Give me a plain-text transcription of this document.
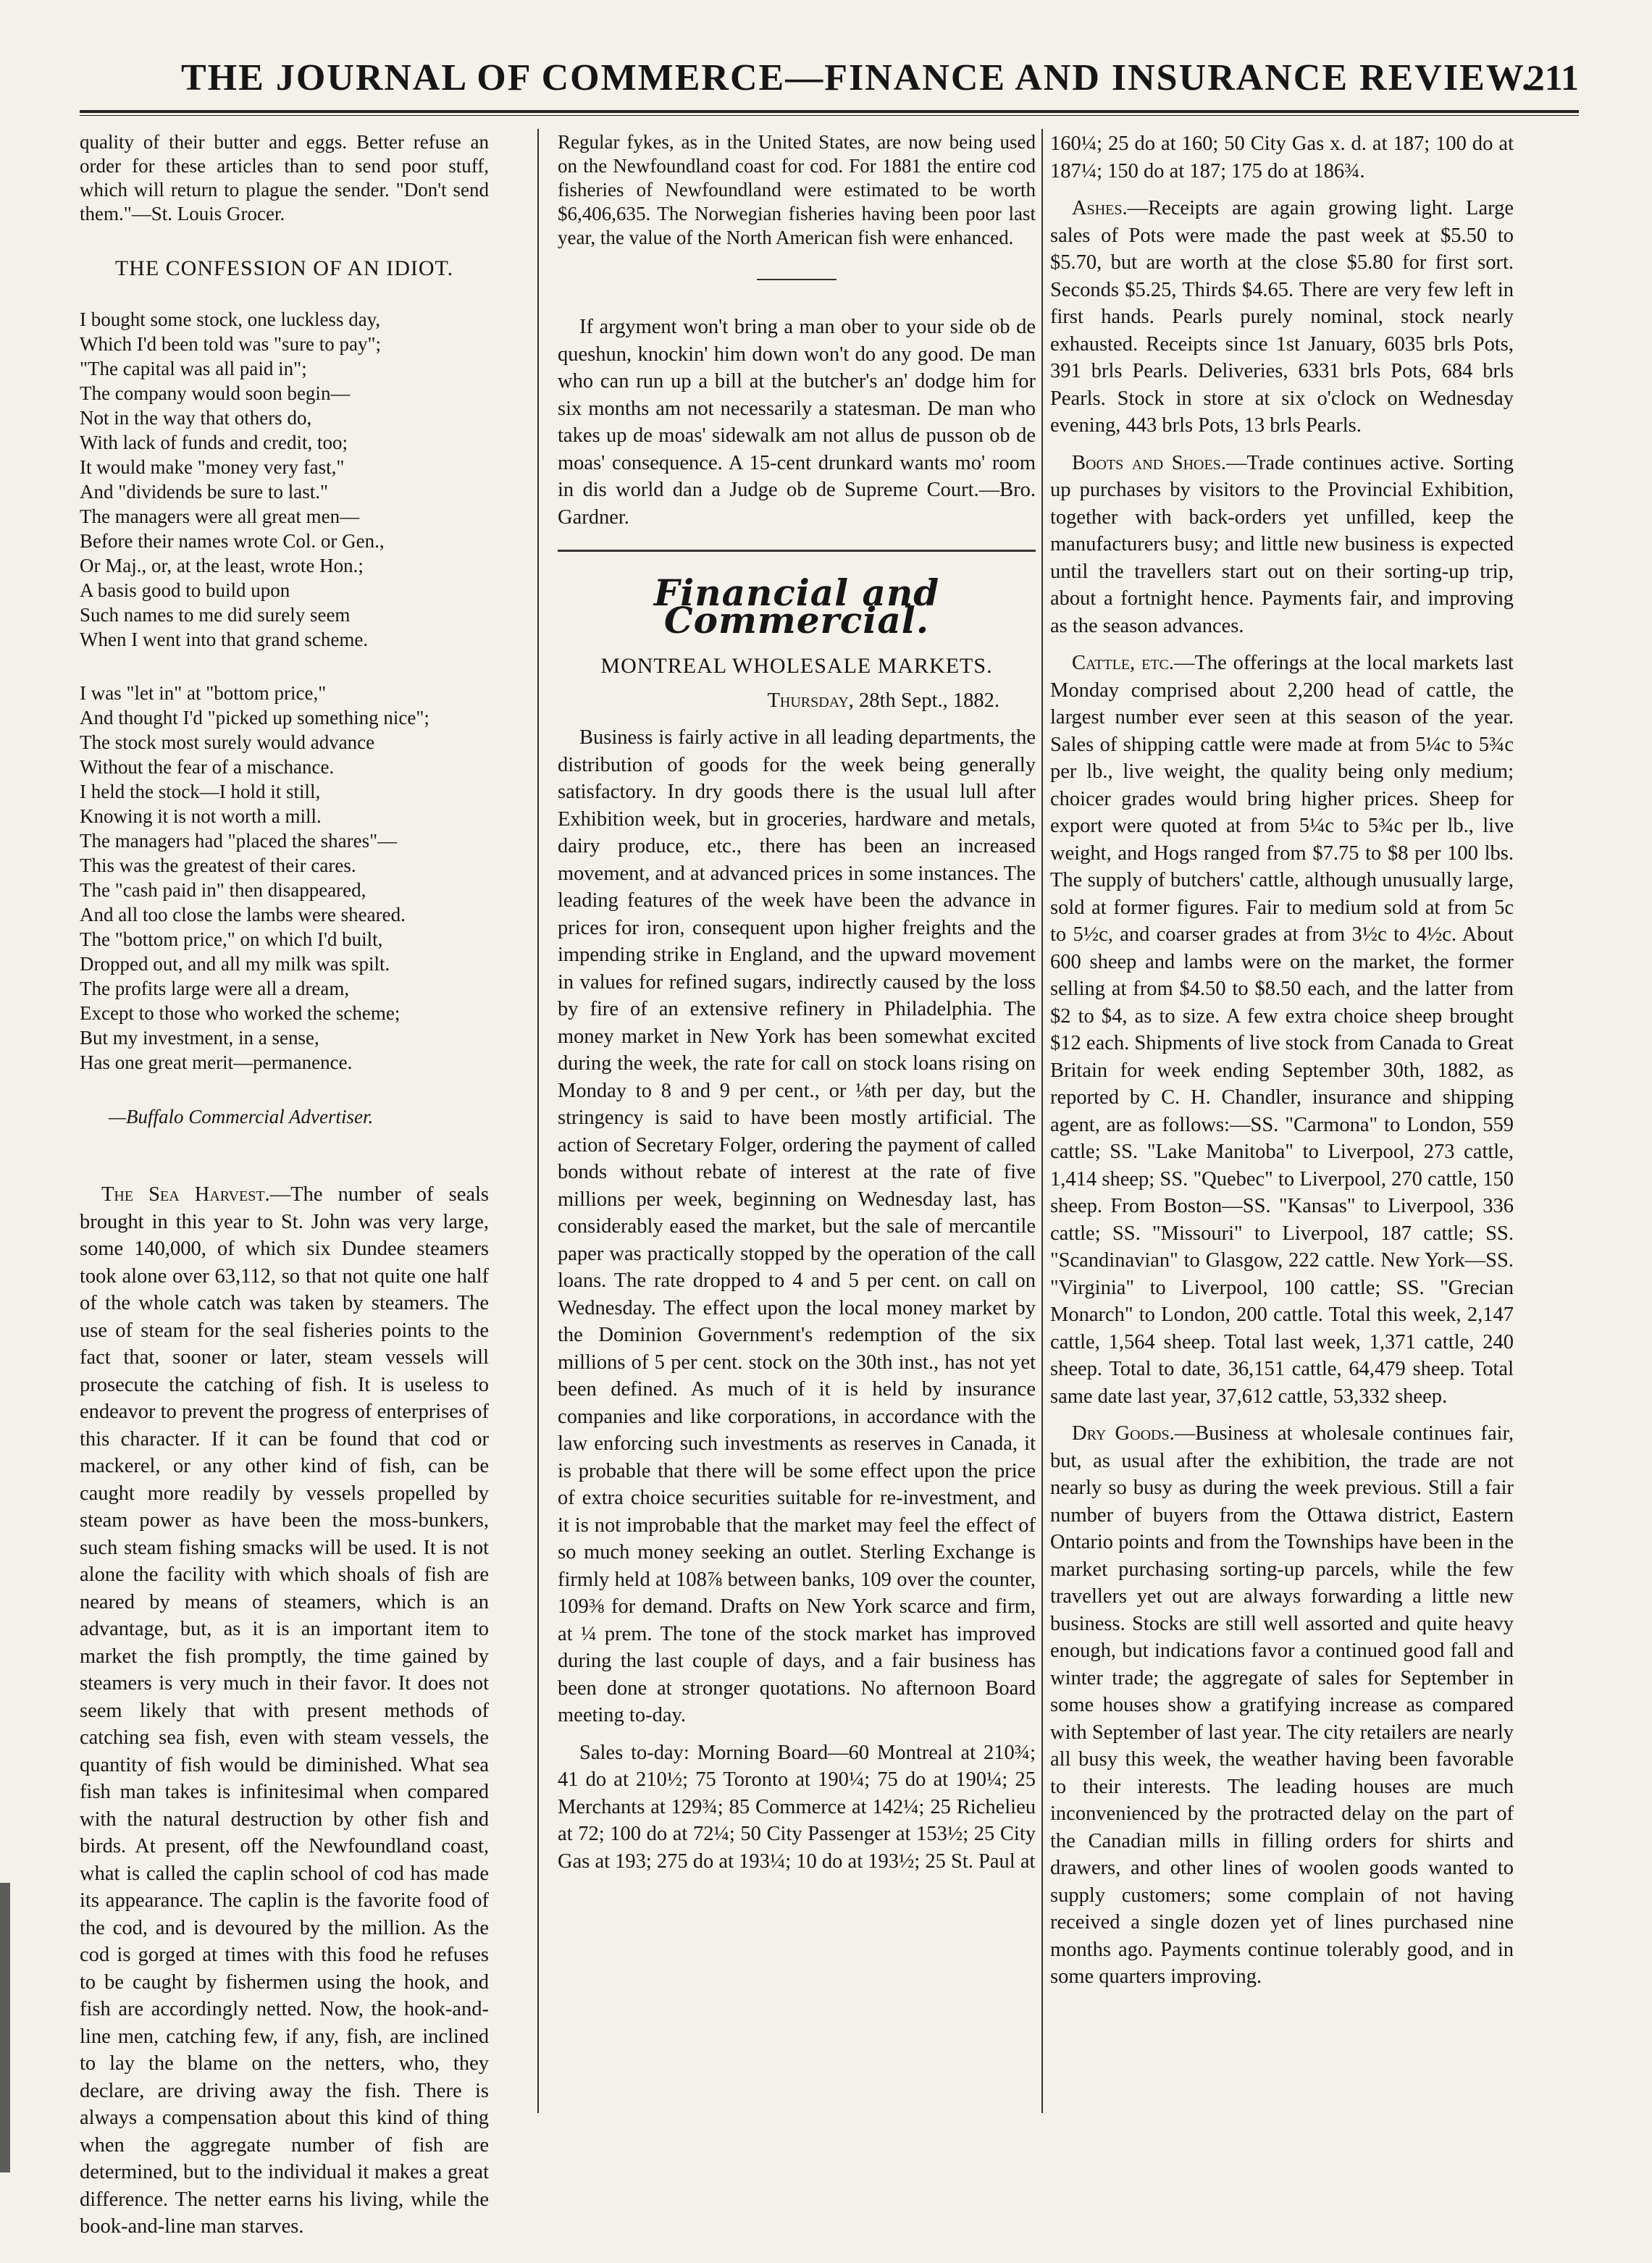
THE JOURNAL OF COMMERCE—FINANCE AND INSURANCE REVIEW.
211

quality of their butter and eggs. Better refuse an order for these articles than to send poor stuff, which will return to plague the sender. "Don't send them."—St. Louis Grocer.

THE CONFESSION OF AN IDIOT.
I bought some stock, one luckless day,
Which I'd been told was "sure to pay";
"The capital was all paid in";
The company would soon begin—
Not in the way that others do,
With lack of funds and credit, too;
It would make "money very fast,"
And "dividends be sure to last."
The managers were all great men—
Before their names wrote Col. or Gen.,
Or Maj., or, at the least, wrote Hon.;
A basis good to build upon
Such names to me did surely seem
When I went into that grand scheme.
I was "let in" at "bottom price,"
And thought I'd "picked up something nice";
The stock most surely would advance
Without the fear of a mischance.
I held the stock—I hold it still,
Knowing it is not worth a mill.
The managers had "placed the shares"—
This was the greatest of their cares.
The "cash paid in" then disappeared,
And all too close the lambs were sheared.
The "bottom price," on which I'd built,
Dropped out, and all my milk was spilt.
The profits large were all a dream,
Except to those who worked the scheme;
But my investment, in a sense,
Has one great merit—permanence.
—Buffalo Commercial Advertiser.

The Sea Harvest.—The number of seals brought in this year to St. John was very large, some 140,000, of which six Dundee steamers took alone over 63,112, so that not quite one half of the whole catch was taken by steamers. The use of steam for the seal fisheries points to the fact that, sooner or later, steam vessels will prosecute the catching of fish. It is useless to endeavor to prevent the progress of enterprises of this character. If it can be found that cod or mackerel, or any other kind of fish, can be caught more readily by vessels propelled by steam power as have been the moss-bunkers, such steam fishing smacks will be used. It is not alone the facility with which shoals of fish are neared by means of steamers, which is an advantage, but, as it is an important item to market the fish promptly, the time gained by steamers is very much in their favor. It does not seem likely that with present methods of catching sea fish, even with steam vessels, the quantity of fish would be diminished. What sea fish man takes is infinitesimal when compared with the natural destruction by other fish and birds. At present, off the Newfoundland coast, what is called the caplin school of cod has made its appearance. The caplin is the favorite food of the cod, and is devoured by the million. As the cod is gorged at times with this food he refuses to be caught by fishermen using the hook, and fish are accordingly netted. Now, the hook-and-line men, catching few, if any, fish, are inclined to lay the blame on the netters, who, they declare, are driving away the fish. There is always a compensation about this kind of thing when the aggregate number of fish are determined, but to the individual it makes a great difference. The netter earns his living, while the book-and-line man starves.

Regular fykes, as in the United States, are now being used on the Newfoundland coast for cod. For 1881 the entire cod fisheries of Newfoundland were estimated to be worth $6,406,635. The Norwegian fisheries having been poor last year, the value of the North American fish were enhanced.

If argyment won't bring a man ober to your side ob de queshun, knockin' him down won't do any good. De man who can run up a bill at the butcher's an' dodge him for six months am not necessarily a statesman. De man who takes up de moas' sidewalk am not allus de pusson ob de moas' consequence. A 15-cent drunkard wants mo' room in dis world dan a Judge ob de Supreme Court.—Bro. Gardner.

Financial and Commercial.
MONTREAL WHOLESALE MARKETS.
Thursday, 28th Sept., 1882.

Business is fairly active in all leading departments, the distribution of goods for the week being generally satisfactory. In dry goods there is the usual lull after Exhibition week, but in groceries, hardware and metals, dairy produce, etc., there has been an increased movement, and at advanced prices in some instances. The leading features of the week have been the advance in prices for iron, consequent upon higher freights and the impending strike in England, and the upward movement in values for refined sugars, indirectly caused by the loss by fire of an extensive refinery in Philadelphia. The money market in New York has been somewhat excited during the week, the rate for call on stock loans rising on Monday to 8 and 9 per cent., or ⅛th per day, but the stringency is said to have been mostly artificial. The action of Secretary Folger, ordering the payment of called bonds without rebate of interest at the rate of five millions per week, beginning on Wednesday last, has considerably eased the market, but the sale of mercantile paper was practically stopped by the operation of the call loans. The rate dropped to 4 and 5 per cent. on call on Wednesday. The effect upon the local money market by the Dominion Government's redemption of the six millions of 5 per cent. stock on the 30th inst., has not yet been defined. As much of it is held by insurance companies and like corporations, in accordance with the law enforcing such investments as reserves in Canada, it is probable that there will be some effect upon the price of extra choice securities suitable for re-investment, and it is not improbable that the market may feel the effect of so much money seeking an outlet. Sterling Exchange is firmly held at 108⅞ between banks, 109 over the counter, 109⅜ for demand. Drafts on New York scarce and firm, at ¼ prem. The tone of the stock market has improved during the last couple of days, and a fair business has been done at stronger quotations. No afternoon Board meeting to-day.

Sales to-day: Morning Board—60 Montreal at 210¾; 41 do at 210½; 75 Toronto at 190¼; 75 do at 190¼; 25 Merchants at 129¾; 85 Commerce at 142¼; 25 Richelieu at 72; 100 do at 72¼; 50 City Passenger at 153½; 25 City Gas at 193; 275 do at 193¼; 10 do at 193½; 25 St. Paul at

160¼; 25 do at 160; 50 City Gas x. d. at 187; 100 do at 187¼; 150 do at 187; 175 do at 186¾.

Ashes.—Receipts are again growing light. Large sales of Pots were made the past week at $5.50 to $5.70, but are worth at the close $5.80 for first sort. Seconds $5.25, Thirds $4.65. There are very few left in first hands. Pearls purely nominal, stock nearly exhausted. Receipts since 1st January, 6035 brls Pots, 391 brls Pearls. Deliveries, 6331 brls Pots, 684 brls Pearls. Stock in store at six o'clock on Wednesday evening, 443 brls Pots, 13 brls Pearls.

Boots and Shoes.—Trade continues active. Sorting up purchases by visitors to the Provincial Exhibition, together with back-orders yet unfilled, keep the manufacturers busy; and little new business is expected until the travellers start out on their sorting-up trip, about a fortnight hence. Payments fair, and improving as the season advances.

Cattle, etc.—The offerings at the local markets last Monday comprised about 2,200 head of cattle, the largest number ever seen at this season of the year. Sales of shipping cattle were made at from 5¼c to 5¾c per lb., live weight, the quality being only medium; choicer grades would bring higher prices. Sheep for export were quoted at from 5¼c to 5¾c per lb., live weight, and Hogs ranged from $7.75 to $8 per 100 lbs. The supply of butchers' cattle, although unusually large, sold at former figures. Fair to medium sold at from 5c to 5½c, and coarser grades at from 3½c to 4½c. About 600 sheep and lambs were on the market, the former selling at from $4.50 to $8.50 each, and the latter from $2 to $4, as to size. A few extra choice sheep brought $12 each. Shipments of live stock from Canada to Great Britain for week ending September 30th, 1882, as reported by C. H. Chandler, insurance and shipping agent, are as follows:—SS. "Carmona" to London, 559 cattle; SS. "Lake Manitoba" to Liverpool, 273 cattle, 1,414 sheep; SS. "Quebec" to Liverpool, 270 cattle, 150 sheep. From Boston—SS. "Kansas" to Liverpool, 336 cattle; SS. "Missouri" to Liverpool, 187 cattle; SS. "Scandinavian" to Glasgow, 222 cattle. New York—SS. "Virginia" to Liverpool, 100 cattle; SS. "Grecian Monarch" to London, 200 cattle. Total this week, 2,147 cattle, 1,564 sheep. Total last week, 1,371 cattle, 240 sheep. Total to date, 36,151 cattle, 64,479 sheep. Total same date last year, 37,612 cattle, 53,332 sheep.

Dry Goods.—Business at wholesale continues fair, but, as usual after the exhibition, the trade are not nearly so busy as during the week previous. Still a fair number of buyers from the Ottawa district, Eastern Ontario points and from the Townships have been in the market purchasing sorting-up parcels, while the few travellers yet out are always forwarding a little new business. Stocks are still well assorted and quite heavy enough, but indications favor a continued good fall and winter trade; the aggregate of sales for September in some houses show a gratifying increase as compared with September of last year. The city retailers are nearly all busy this week, the weather having been favorable to their interests. The leading houses are much inconvenienced by the protracted delay on the part of the Canadian mills in filling orders for shirts and drawers, and other lines of woolen goods wanted to supply customers; some complain of not having received a single dozen yet of lines purchased nine months ago. Payments continue tolerably good, and in some quarters improving.
